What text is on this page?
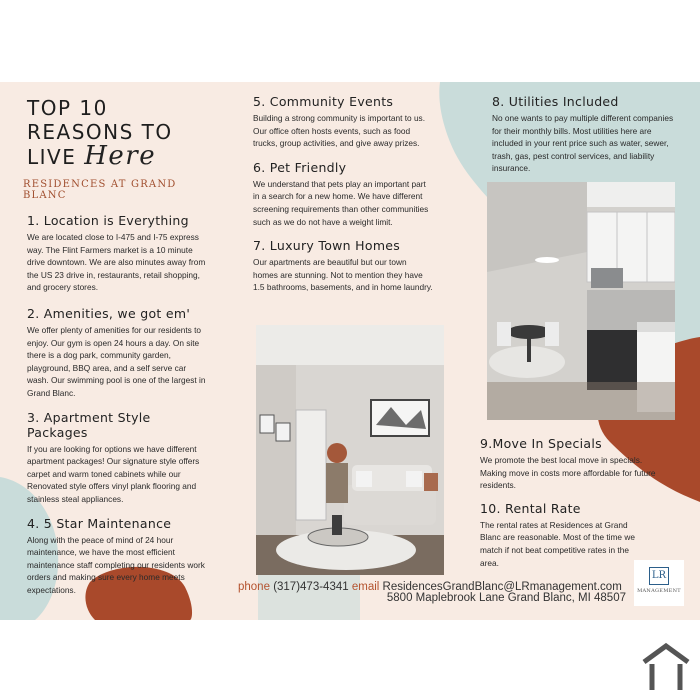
TOP 10

REASONS TO

LIVE Here

RESIDENCES AT GRAND BLANC

1. Location is Everything

We are located close to I-475 and I-75 express way. The Flint Farmers market is a 10 minute drive downtown. We are also minutes away from the US 23 drive in, restaurants, retail shopping, and grocery stores.

2. Amenities, we got em'

We offer plenty of amenities for our residents to enjoy. Our gym is open 24 hours a day. On site there is a dog park, community garden, playground, BBQ area, and a self serve car wash. Our swimming pool is one of the largest in Grand Blanc.

3. Apartment Style Packages

If you are looking for options we have different apartment packages! Our signature style offers carpet and warm toned cabinets while our Renovated style offers vinyl plank flooring and stainless steal appliances.

4. 5 Star Maintenance

Along with the peace of mind of 24 hour maintenance, we have the most efficient maintenance staff completing our residents work orders and making sure every home meets expectations.

5. Community Events

Building a strong community is important to us. Our office often hosts events, such as food trucks, group activities, and give away prizes.

6. Pet Friendly

We understand that pets play an important part in a search for a new home. We have different screening requirements than other communities such as we do not have a weight limit.

7. Luxury Town Homes

Our apartments are beautiful but our town homes are stunning. Not to mention they have 1.5 bathrooms, basements, and in home laundry.

8. Utilities Included

No one wants to pay multiple different companies for their monthly bills. Most utilities here are included in your rent price such as water, sewer, trash, gas, pest control services, and liability insurance.

9.Move In Specials

We promote the best local move in specials. Making move in costs more affordable for future residents.

10. Rental Rate

The rental rates at Residences at Grand Blanc are reasonable. Most of the time we match if not beat competitive rates in the area.

phone (317)473-4341 email ResidencesGrandBlanc@LRmanagement.com
5800 Maplebrook Lane Grand Blanc, MI 48507
LR
MANAGEMENT
